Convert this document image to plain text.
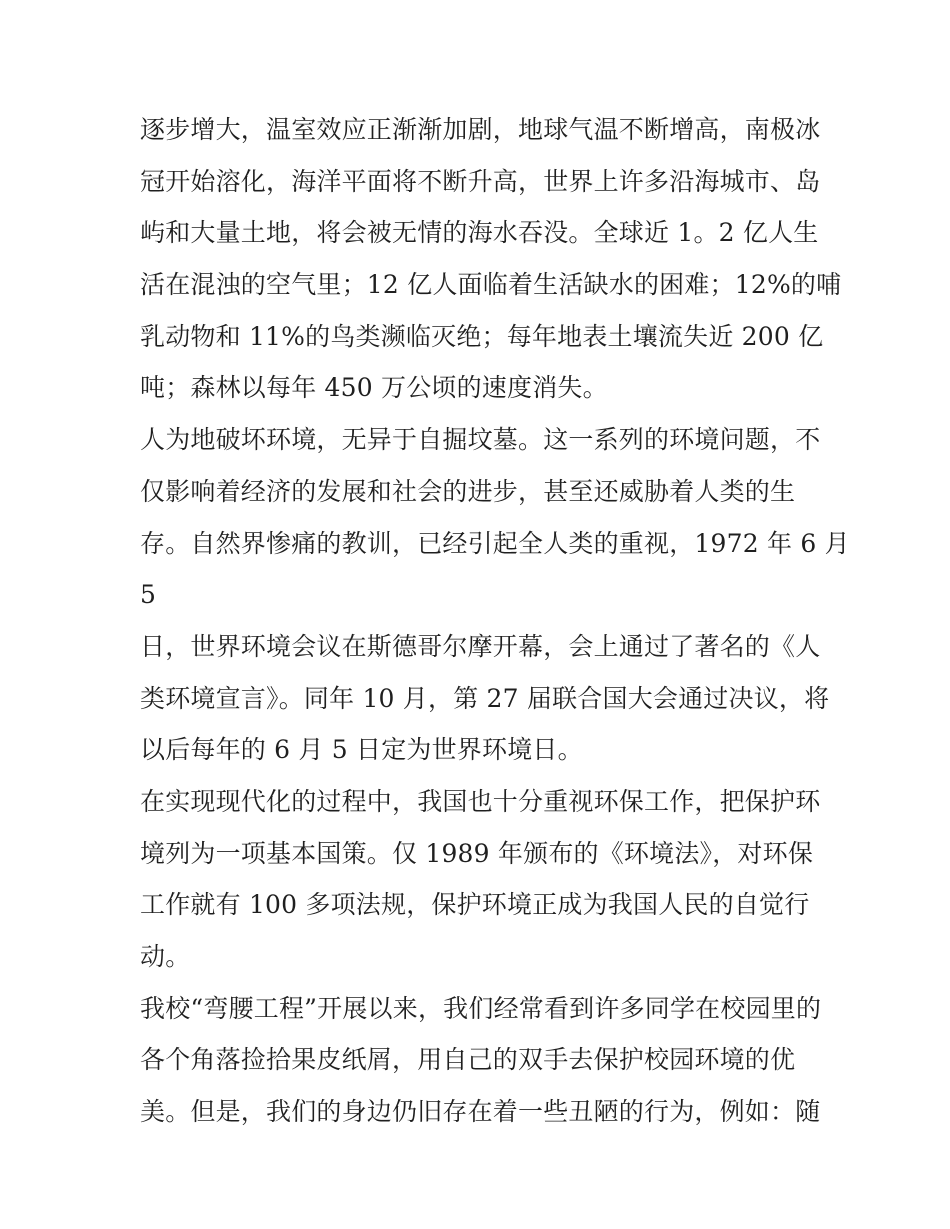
逐步增大，温室效应正渐渐加剧，地球气温不断增高，南极冰
冠开始溶化，海洋平面将不断升高，世界上许多沿海城市、岛
屿和大量土地，将会被无情的海水吞没。全球近 1。2 亿人生
活在混浊的空气里；12 亿人面临着生活缺水的困难；12%的哺
乳动物和 11%的鸟类濒临灭绝；每年地表土壤流失近 200 亿
吨；森林以每年 450 万公顷的速度消失。
人为地破坏环境，无异于自掘坟墓。这一系列的环境问题，不
仅影响着经济的发展和社会的进步，甚至还威胁着人类的生
存。自然界惨痛的教训，已经引起全人类的重视，1972 年 6 月
5
日，世界环境会议在斯德哥尔摩开幕，会上通过了著名的《人
类环境宣言》。同年 10 月，第 27 届联合国大会通过决议，将
以后每年的 6 月 5 日定为世界环境日。
在实现现代化的过程中，我国也十分重视环保工作，把保护环
境列为一项基本国策。仅 1989 年颁布的《环境法》，对环保
工作就有 100 多项法规，保护环境正成为我国人民的自觉行
动。
我校“弯腰工程”开展以来，我们经常看到许多同学在校园里的
各个角落捡拾果皮纸屑，用自己的双手去保护校园环境的优
美。但是，我们的身边仍旧存在着一些丑陋的行为，例如：随
